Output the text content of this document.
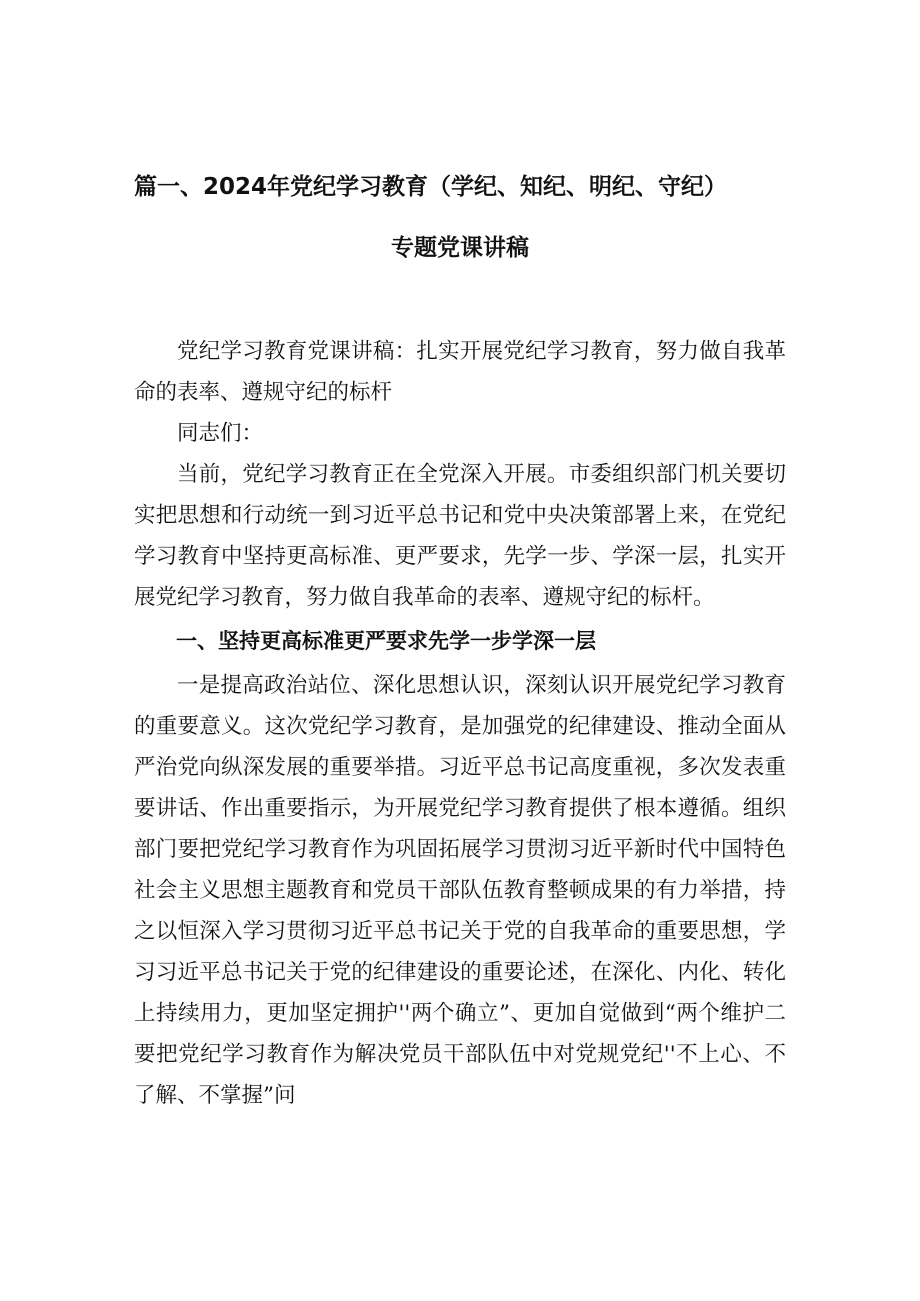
篇一、2024年党纪学习教育（学纪、知纪、明纪、守纪）
专题党课讲稿

党纪学习教育党课讲稿：扎实开展党纪学习教育，努力做自我革命的表率、遵规守纪的标杆

同志们：

当前，党纪学习教育正在全党深入开展。市委组织部门机关要切实把思想和行动统一到习近平总书记和党中央决策部署上来，在党纪学习教育中坚持更高标准、更严要求，先学一步、学深一层，扎实开展党纪学习教育，努力做自我革命的表率、遵规守纪的标杆。

一、坚持更高标准更严要求先学一步学深一层

一是提高政治站位、深化思想认识，深刻认识开展党纪学习教育的重要意义。这次党纪学习教育，是加强党的纪律建设、推动全面从严治党向纵深发展的重要举措。习近平总书记高度重视，多次发表重要讲话、作出重要指示，为开展党纪学习教育提供了根本遵循。组织部门要把党纪学习教育作为巩固拓展学习贯沏习近平新时代中国特色社会主义思想主题教育和党员干部队伍教育整顿成果的有力举措，持之以恒深入学习贯彻习近平总书记关于党的自我革命的重要思想，学习习近平总书记关于党的纪律建设的重要论述，在深化、内化、转化上持续用力，更加坚定拥护''两个确立”、更加自觉做到“两个维护二要把党纪学习教育作为解决党员干部队伍中对党规党纪''不上心、不了解、不掌握”问
